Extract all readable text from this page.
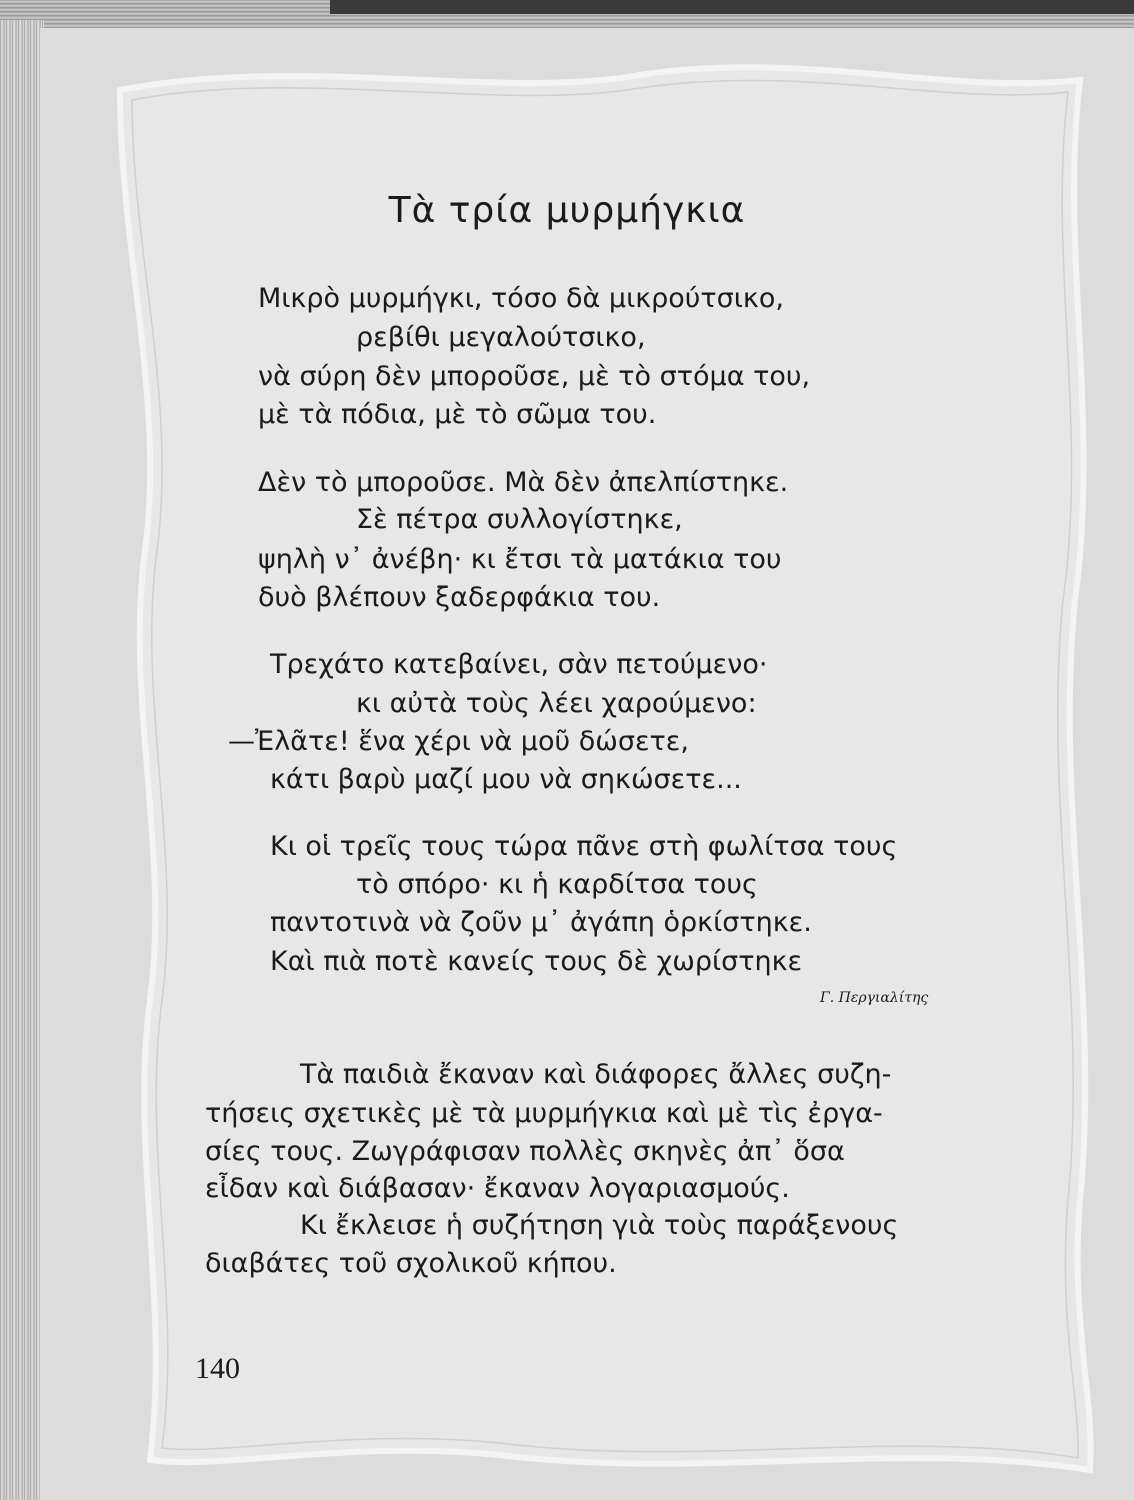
Τὰ τρία μυρμήγκια
Μικρὸ μυρμήγκι, τόσο δὰ μικρούτσικο,
ρεβίθι μεγαλούτσικο,
νὰ σύρη δὲν μποροῦσε, μὲ τὸ στόμα του,
μὲ τὰ πόδια, μὲ τὸ σῶμα του.
Δὲν τὸ μποροῦσε. Μὰ δὲν ἀπελπίστηκε.
Σὲ πέτρα συλλογίστηκε,
ψηλὴ ν᾽ ἀνέβη· κι ἔτσι τὰ ματάκια του
δυὸ βλέπουν ξαδερφάκια του.
Τρεχάτο κατεβαίνει, σὰν πετούμενο·
κι αὐτὰ τοὺς λέει χαρούμενο:
—Ἐλᾶτε! ἕνα χέρι νὰ μοῦ δώσετε,
κάτι βαρὺ μαζί μου νὰ σηκώσετε...
Κι οἱ τρεῖς τους τώρα πᾶνε στὴ φωλίτσα τους
τὸ σπόρο· κι ἡ καρδίτσα τους
παντοτινὰ νὰ ζοῦν μ᾽ ἀγάπη ὁρκίστηκε.
Καὶ πιὰ ποτὲ κανείς τους δὲ χωρίστηκε
Γ. Περγιαλίτης
Τὰ παιδιὰ ἔκαναν καὶ διάφορες ἄλλες συζη-
τήσεις σχετικὲς μὲ τὰ μυρμήγκια καὶ μὲ τὶς ἐργα-
σίες τους. Ζωγράφισαν πολλὲς σκηνὲς ἀπ᾽ ὅσα
εἶδαν καὶ διάβασαν· ἔκαναν λογαριασμούς.
Κι ἔκλεισε ἡ συζήτηση γιὰ τοὺς παράξενους
διαβάτες τοῦ σχολικοῦ κήπου.
140
